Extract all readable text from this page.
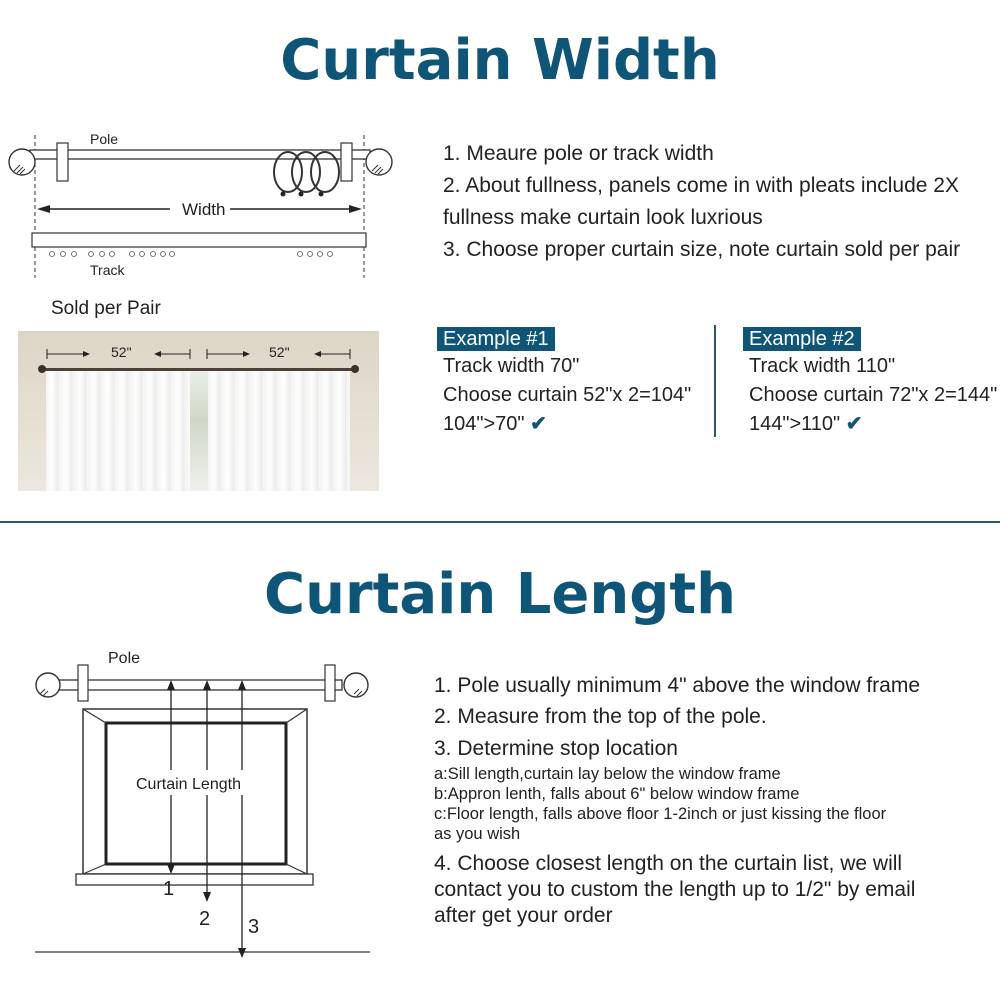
Curtain Width
Pole
Width
Track
Sold per Pair
52"	52"
1. Meaure pole or track width
2. About fullness, panels come in with pleats include 2X
fullness make curtain look luxrious
3. Choose proper curtain size, note curtain sold per pair
Example #1
Track width 70"
Choose curtain 52"x 2=104"
104">70" ✔
Example #2
Track width 110"
Choose curtain 72"x 2=144"
144">110" ✔
Curtain Length
Pole
Curtain Length
1
2 3
1. Pole usually minimum 4" above the window frame
2. Measure from the top of the pole.
3. Determine stop location
a:Sill length,curtain lay below the window frame
b:Appron lenth, falls about 6" below window frame
c:Floor length, falls above floor 1-2inch or just kissing the floor
as you wish
4. Choose closest length on the curtain list, we will
contact you to custom the length up to 1/2" by email
after get your order
